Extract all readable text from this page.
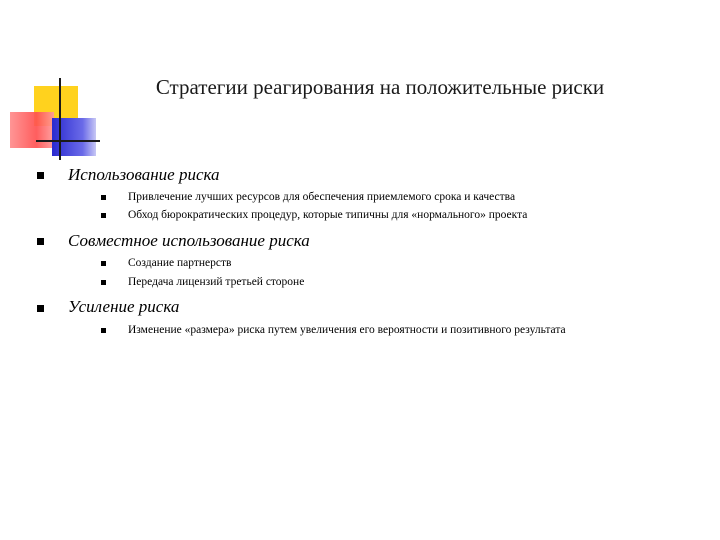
Стратегии реагирования на положительные риски
Использование риска
Привлечение лучших ресурсов для обеспечения приемлемого срока и качества
Обход бюрократических процедур, которые типичны для «нормального» проекта
Совместное использование риска
Создание партнерств
Передача лицензий третьей стороне
Усиление риска
Изменение «размера» риска путем увеличения его вероятности и позитивного результата
